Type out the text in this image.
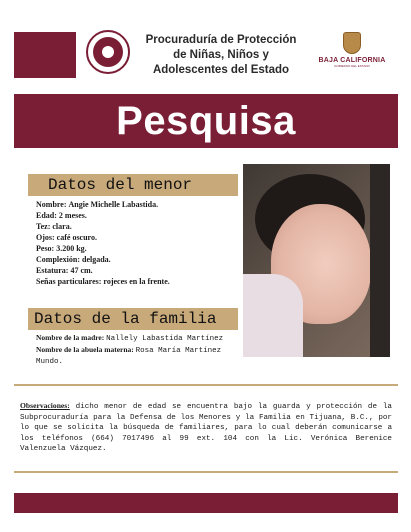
Procuraduría de Protección
de Niñas, Niños y
Adolescentes del Estado
BAJA CALIFORNIA
GOBIERNO DEL ESTADO
Pesquisa
Datos del menor
Nombre: Angie Michelle Labastida.
Edad: 2 meses.
Tez: clara.
Ojos: café oscuro.
Peso: 3.200 kg.
Complexión: delgada.
Estatura: 47 cm.
Señas particulares: rojeces en la frente.
Datos de la familia
Nombre de la madre: Nallely Labastida Martínez
Nombre de la abuela materna: Rosa María Martínez Mundo.
Observaciones: dicho menor de edad se encuentra bajo la guarda y protección de la Subprocuraduría para la Defensa de los Menores y la Familia en Tijuana, B.C., por lo que se solicita la búsqueda de familiares, para lo cual deberán comunicarse a los teléfonos (664) 7017496 al 99 ext. 104 con la Lic. Verónica Berenice Valenzuela Vázquez.
